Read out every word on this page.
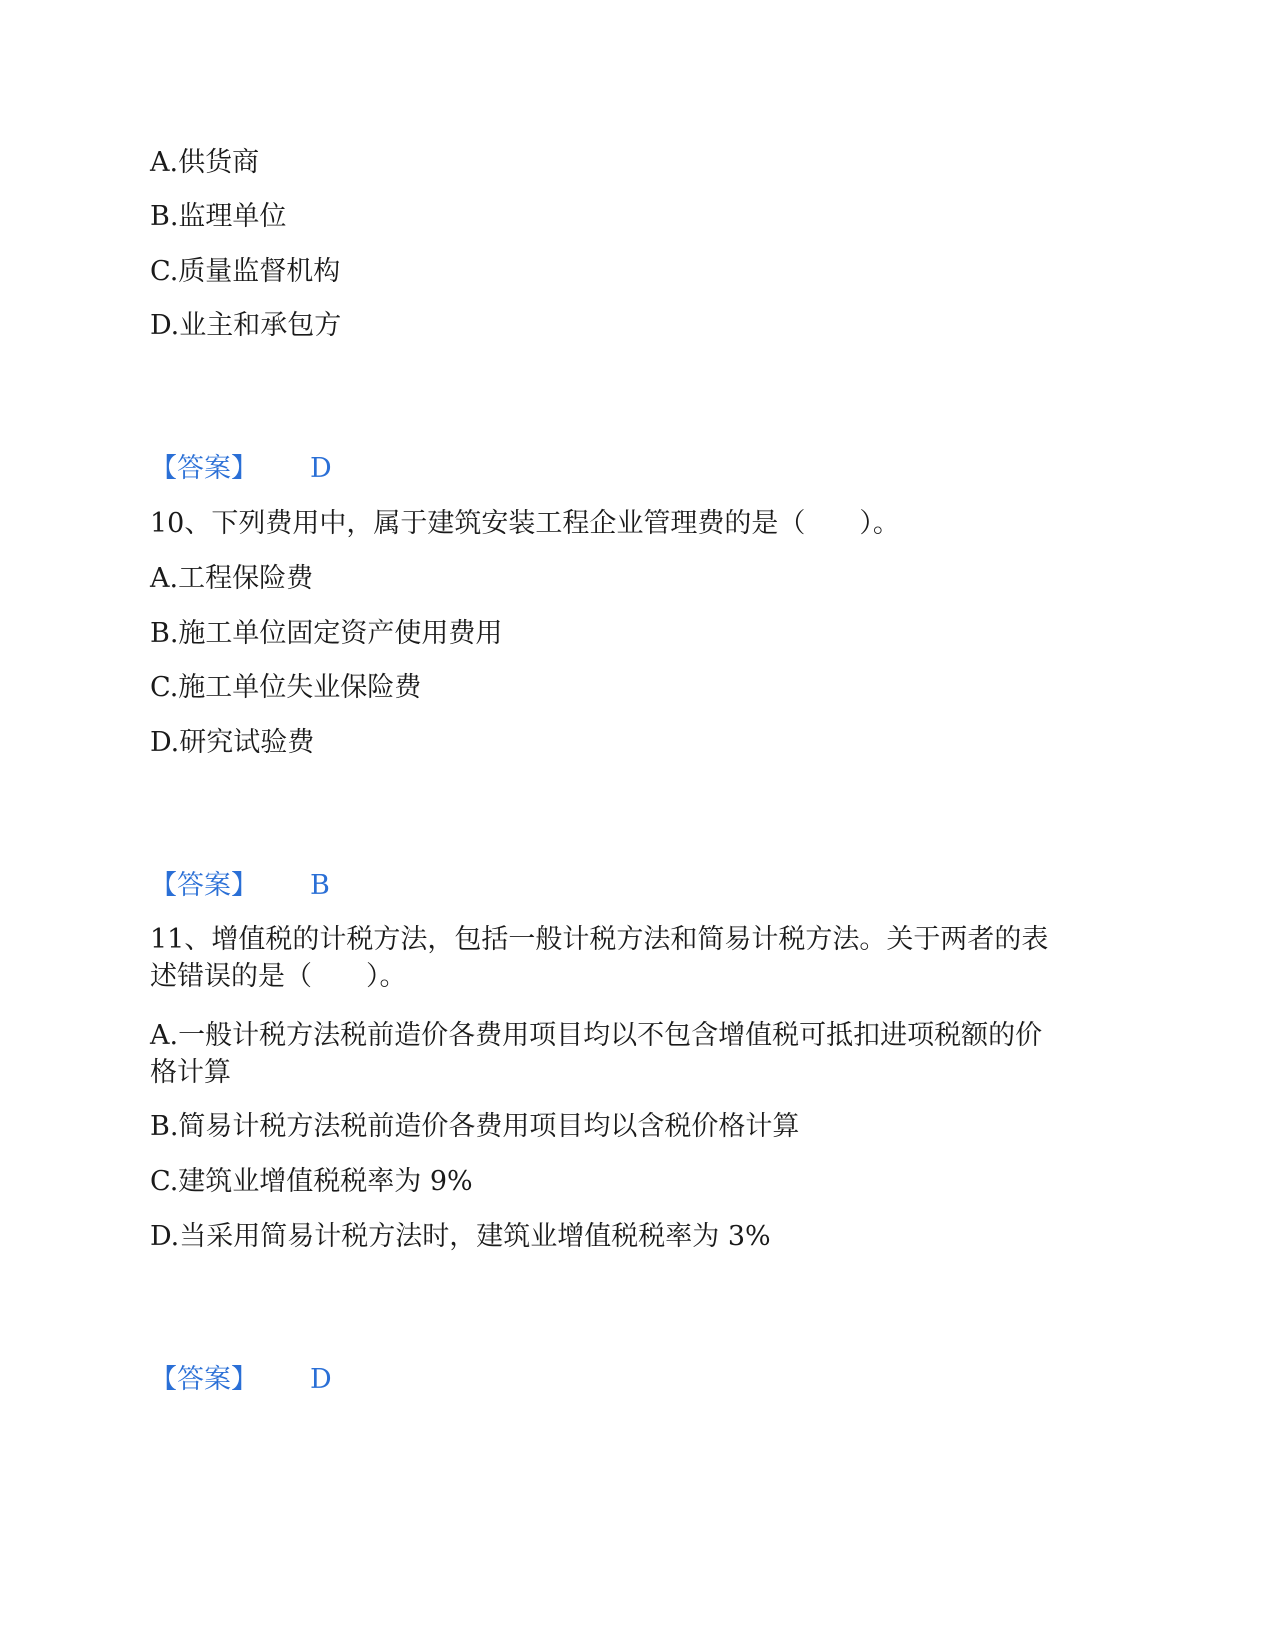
A.供货商
B.监理单位
C.质量监督机构
D.业主和承包方
【答案】 D
10、下列费用中，属于建筑安装工程企业管理费的是（　　）。
A.工程保险费
B.施工单位固定资产使用费用
C.施工单位失业保险费
D.研究试验费
【答案】 B
11、增值税的计税方法，包括一般计税方法和简易计税方法。关于两者的表
述错误的是（　　）。
A.一般计税方法税前造价各费用项目均以不包含增值税可抵扣进项税额的价
格计算
B.简易计税方法税前造价各费用项目均以含税价格计算
C.建筑业增值税税率为 9%
D.当采用简易计税方法时，建筑业增值税税率为 3%
【答案】 D
